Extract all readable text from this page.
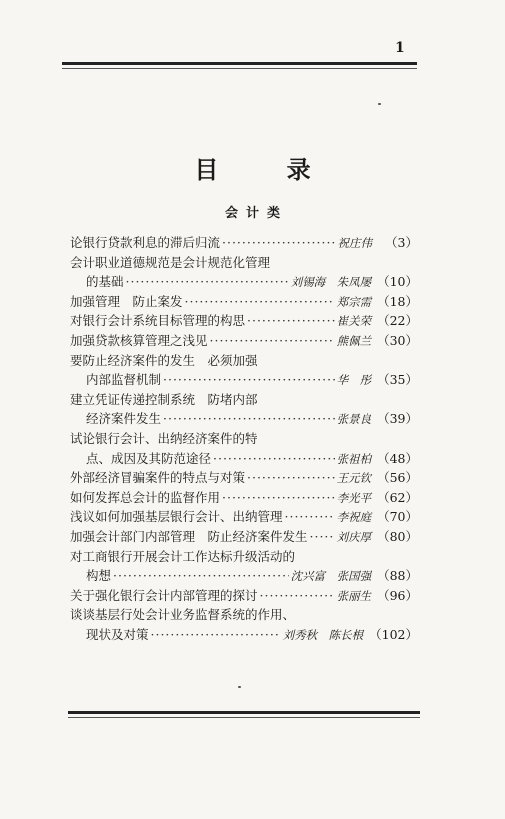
1
目 录
会计类
论银行贷款利息的滞后归流 ·····	祝庄伟	（3）
会计职业道德规范是会计规范化管理
的基础 ·····	刘锡海　朱凤屡 （10）
加强管理　防止案发 ·····	郑宗需 （18）
对银行会计系统目标管理的构思 ·····	崔关荣 （22）
加强贷款核算管理之浅见 ·····	熊佩兰 （30）
要防止经济案件的发生　必须加强
内部监督机制 ·····	华　彤 （35）
建立凭证传递控制系统　防堵内部
经济案件发生 ·····	张景良 （39）
试论银行会计、出纳经济案件的特
点、成因及其防范途径 ·····	张祖柏 （48）
外部经济冒骗案件的特点与对策 ·····	王元钦 （56）
如何发挥总会计的监督作用 ·····	李光平 （62）
浅议如何加强基层银行会计、出纳管理 ·····	李祝庭 （70）
加强会计部门内部管理　防止经济案件发生 ·····	刘庆厚 （80）
对工商银行开展会计工作达标升级活动的
构想 ·····	沈兴富　张国强 （88）
关于强化银行会计内部管理的探讨 ·····	张丽生 （96）
谈谈基层行处会计业务监督系统的作用、
现状及对策 ·····	刘秀秋　陈长根 （102）
